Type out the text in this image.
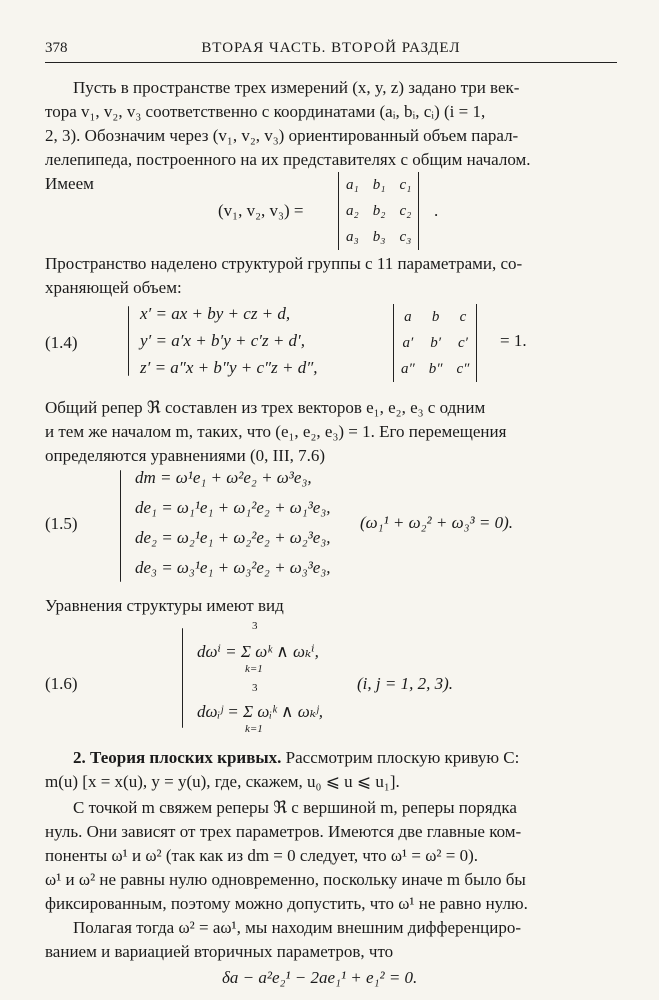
378	ВТОРАЯ ЧАСТЬ. ВТОРОЙ РАЗДЕЛ
Пусть в пространстве трех измерений (x, y, z) задано три век-
тора v₁, v₂, v₃ соответственно с координатами (aᵢ, bᵢ, cᵢ) (i = 1,
2, 3). Обозначим через (v₁, v₂, v₃) ориентированный объем парал-
лелепипеда, построенного на их представителях с общим началом.
Имеем
(v₁, v₂, v₃) =
a₁	b₁	c₁
a₂	b₂	c₂
a₃	b₃	c₃
.
Пространство наделено структурой группы с 11 параметрами, со-
храняющей объем:
(1.4)
x′ = ax + by + cz + d,
y′ = a′x + b′y + c′z + d′,
z′ = a″x + b″y + c″z + d″,
a	b	c
a′	b′	c′
a″	b″	c″
= 1.
Общий репер ℜ составлен из трех векторов e₁, e₂, e₃ с одним
и тем же началом m, таких, что (e₁, e₂, e₃) = 1. Его перемещения
определяются уравнениями (0, III, 7.6)
(1.5)
dm = ω¹e₁ + ω²e₂ + ω³e₃,
de₁ = ω₁¹e₁ + ω₁²e₂ + ω₁³e₃,
de₂ = ω₂¹e₁ + ω₂²e₂ + ω₂³e₃,
de₃ = ω₃¹e₁ + ω₃²e₂ + ω₃³e₃,
(ω₁¹ + ω₂² + ω₃³ = 0).
Уравнения структуры имеют вид
(1.6)
3
dωⁱ = Σ ωᵏ ∧ ωₖⁱ,
k=1
3
dωᵢʲ = Σ ωᵢᵏ ∧ ωₖʲ,
k=1
(i, j = 1, 2, 3).
2. Теория плоских кривых. Рассмотрим плоскую кривую C:
m(u) [x = x(u), y = y(u), где, скажем, u₀ ⩽ u ⩽ u₁].
С точкой m свяжем реперы ℜ с вершиной m, реперы порядка
нуль. Они зависят от трех параметров. Имеются две главные ком-
поненты ω¹ и ω² (так как из dm = 0 следует, что ω¹ = ω² = 0).
ω¹ и ω² не равны нулю одновременно, поскольку иначе m было бы
фиксированным, поэтому можно допустить, что ω¹ не равно нулю.
Полагая тогда ω² = aω¹, мы находим внешним дифференциро-
ванием и вариацией вторичных параметров, что
δa − a²e₂¹ − 2ae₁¹ + e₁² = 0.
